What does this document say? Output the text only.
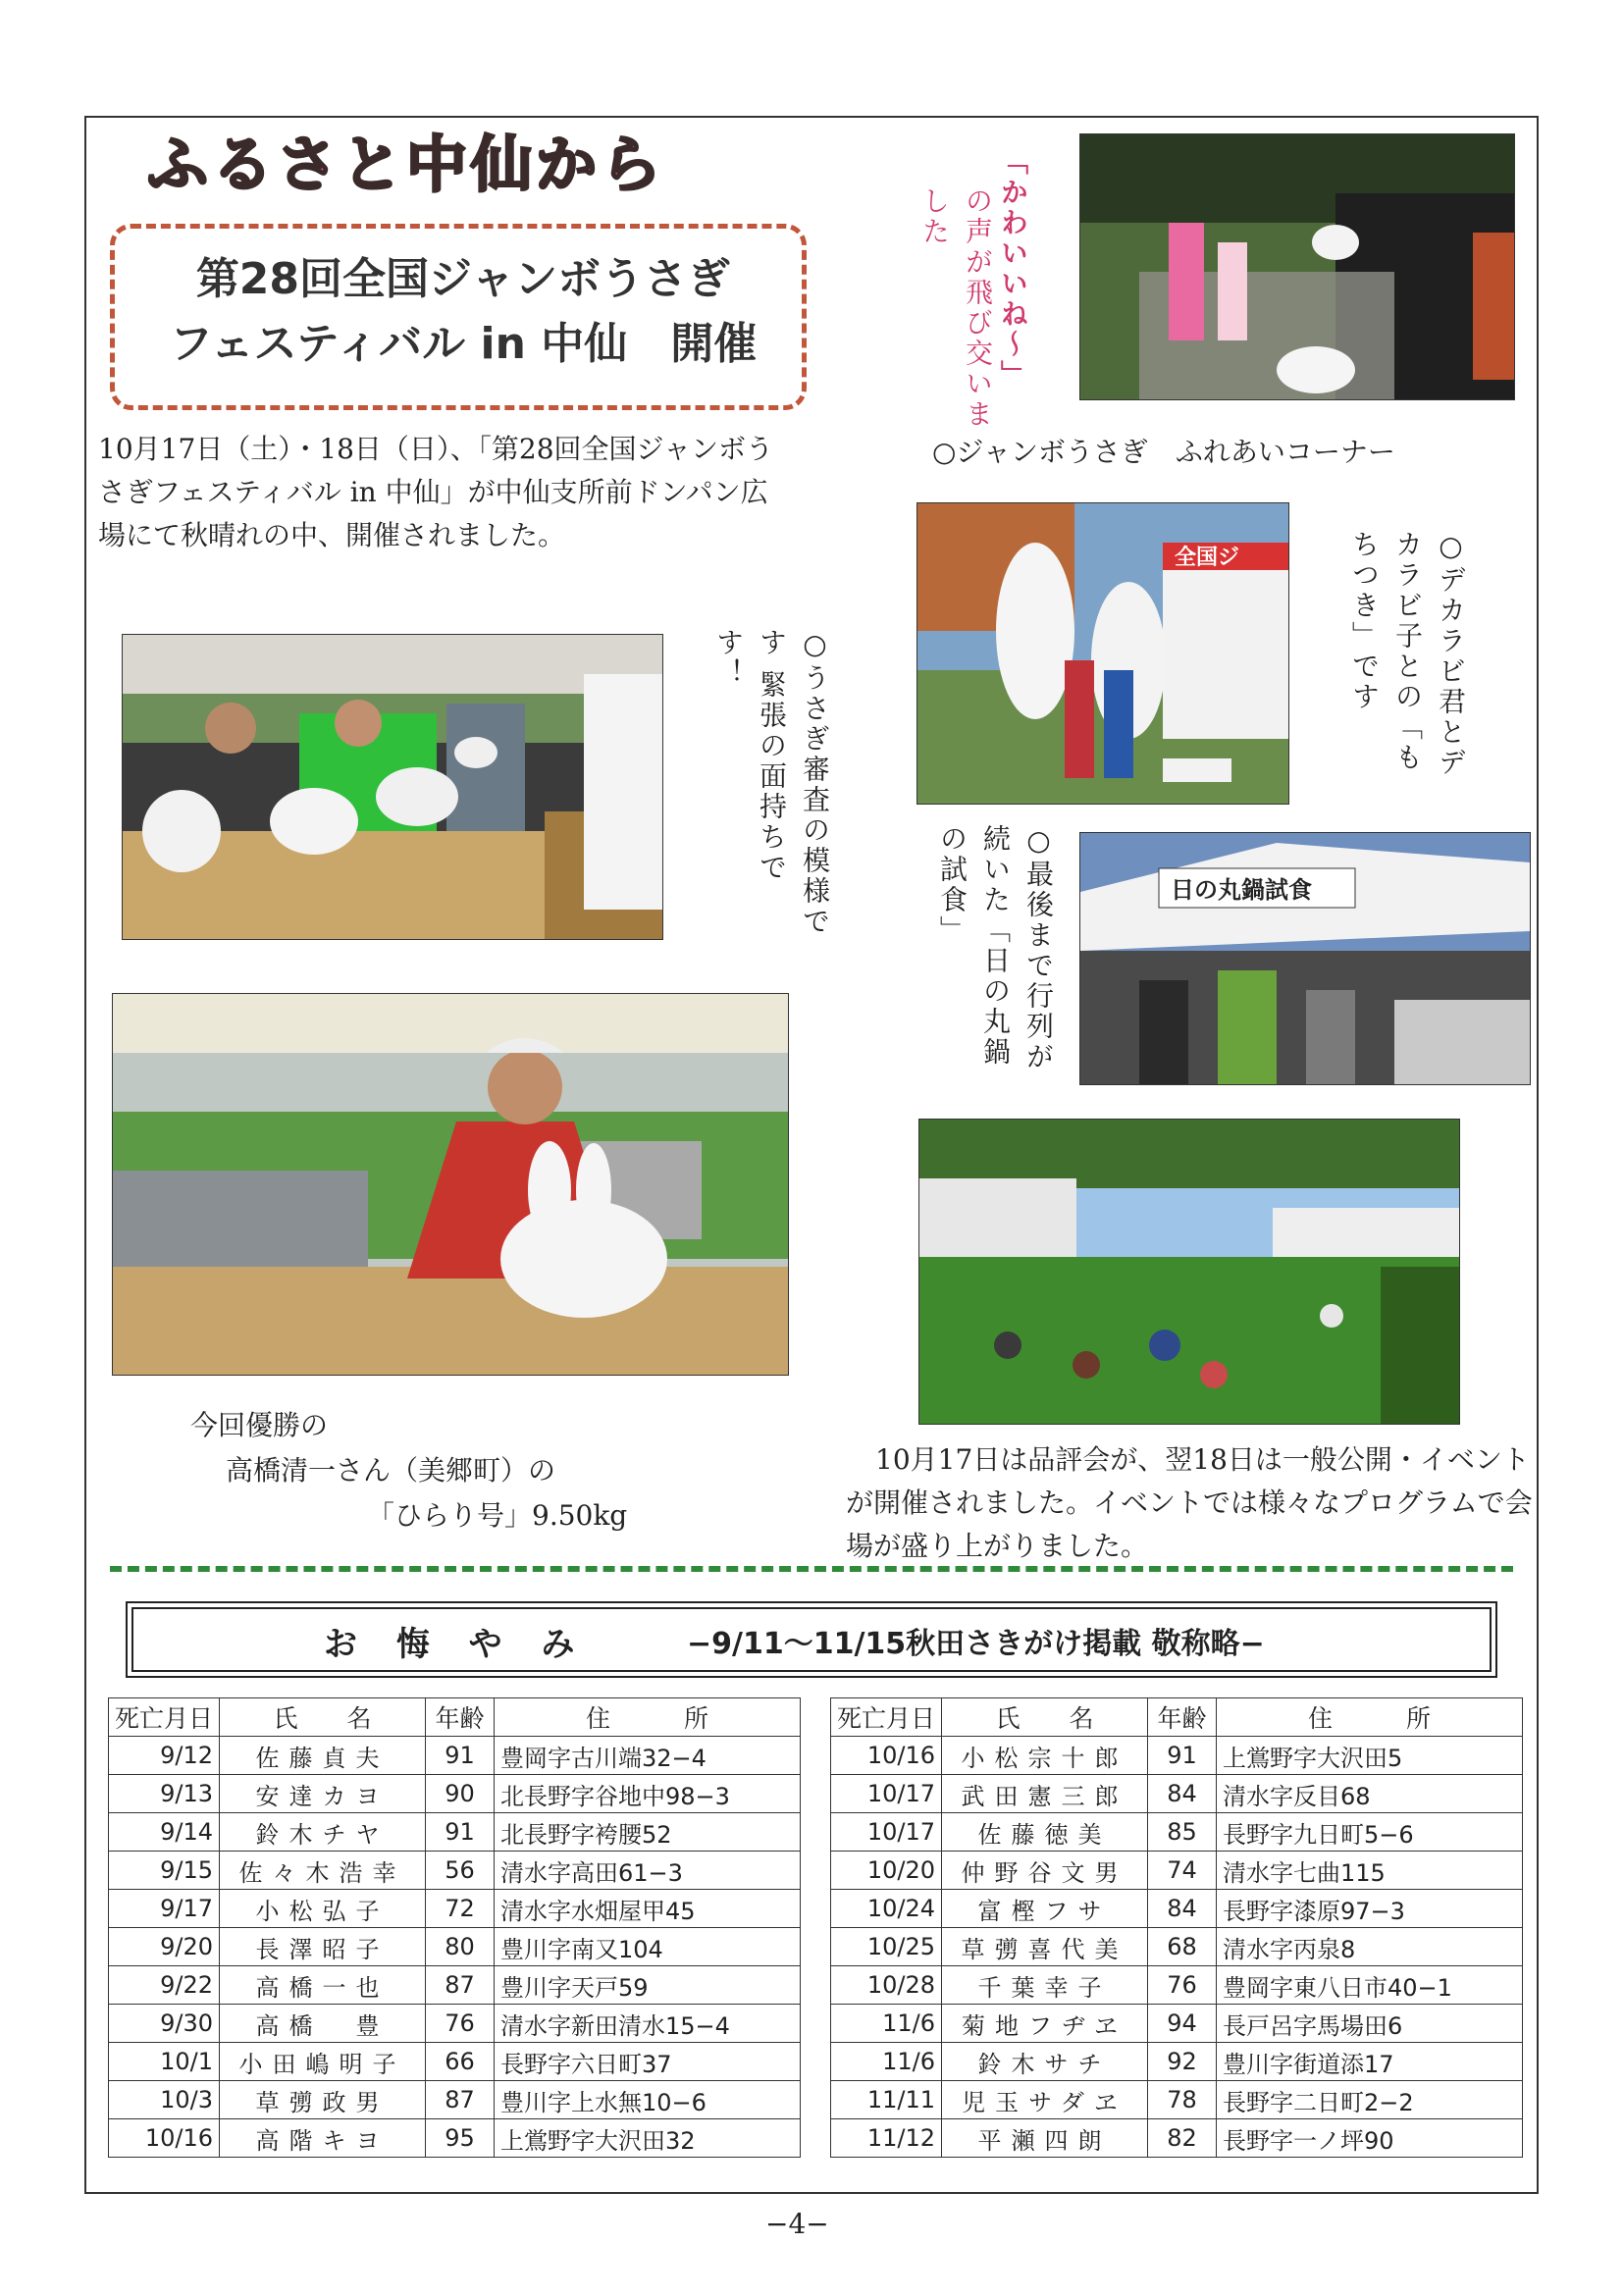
ふるさと中仙から
第28回全国ジャンボうさぎ
フェスティバル in 中仙　開催
10月17日（土）・18日（日）、「第28回全国ジャンボうさぎフェスティバル in 中仙」が中仙支所前ドンパン広場にて秋晴れの中、開催されました。
○うさぎ審査の模様です 緊張の面持ちです！
今回優勝の
高橋清一さん（美郷町）の
「ひらり号」9.50kg
「かわいいね〜」
の声が飛び交いました
○ジャンボうさぎ　ふれあいコーナー
全国ジ	○デカラビ君とデカラビ子との「もちつき」です
○最後まで行列が続いた「日の丸鍋の試食」	日の丸鍋試食
10月17日は品評会が、翌18日は一般公開・イベントが開催されました。イベントでは様々なプログラムで会場が盛り上がりました。
お 悔 や み	−9/11〜11/15秋田さきがけ掲載 敬称略−
死亡月日	氏　　名	年齢	住　　　所
9/12	佐藤貞夫	91	豊岡字古川端32−4
9/13	安達カヨ	90	北長野字谷地中98−3
9/14	鈴木チヤ	91	北長野字袴腰52
9/15	佐々木浩幸	56	清水字高田61−3
9/17	小松弘子	72	清水字水畑屋甲45
9/20	長澤昭子	80	豊川字南又104
9/22	高橋一也	87	豊川字天戸59
9/30	高橋　豊	76	清水字新田清水15−4
10/1	小田嶋明子	66	長野字六日町37
10/3	草彅政男	87	豊川字上水無10−6
10/16	高階キヨ	95	上鴬野字大沢田32
死亡月日	氏　　名	年齢	住　　　所
10/16	小松宗十郎	91	上鴬野字大沢田5
10/17	武田憲三郎	84	清水字反目68
10/17	佐藤徳美	85	長野字九日町5−6
10/20	仲野谷文男	74	清水字七曲115
10/24	富樫フサ	84	長野字漆原97−3
10/25	草彅喜代美	68	清水字丙泉8
10/28	千葉幸子	76	豊岡字東八日市40−1
11/6	菊地フヂヱ	94	長戸呂字馬場田6
11/6	鈴木サチ	92	豊川字街道添17
11/11	児玉サダヱ	78	長野字二日町2−2
11/12	平瀬四朗	82	長野字一ノ坪90
−4−
